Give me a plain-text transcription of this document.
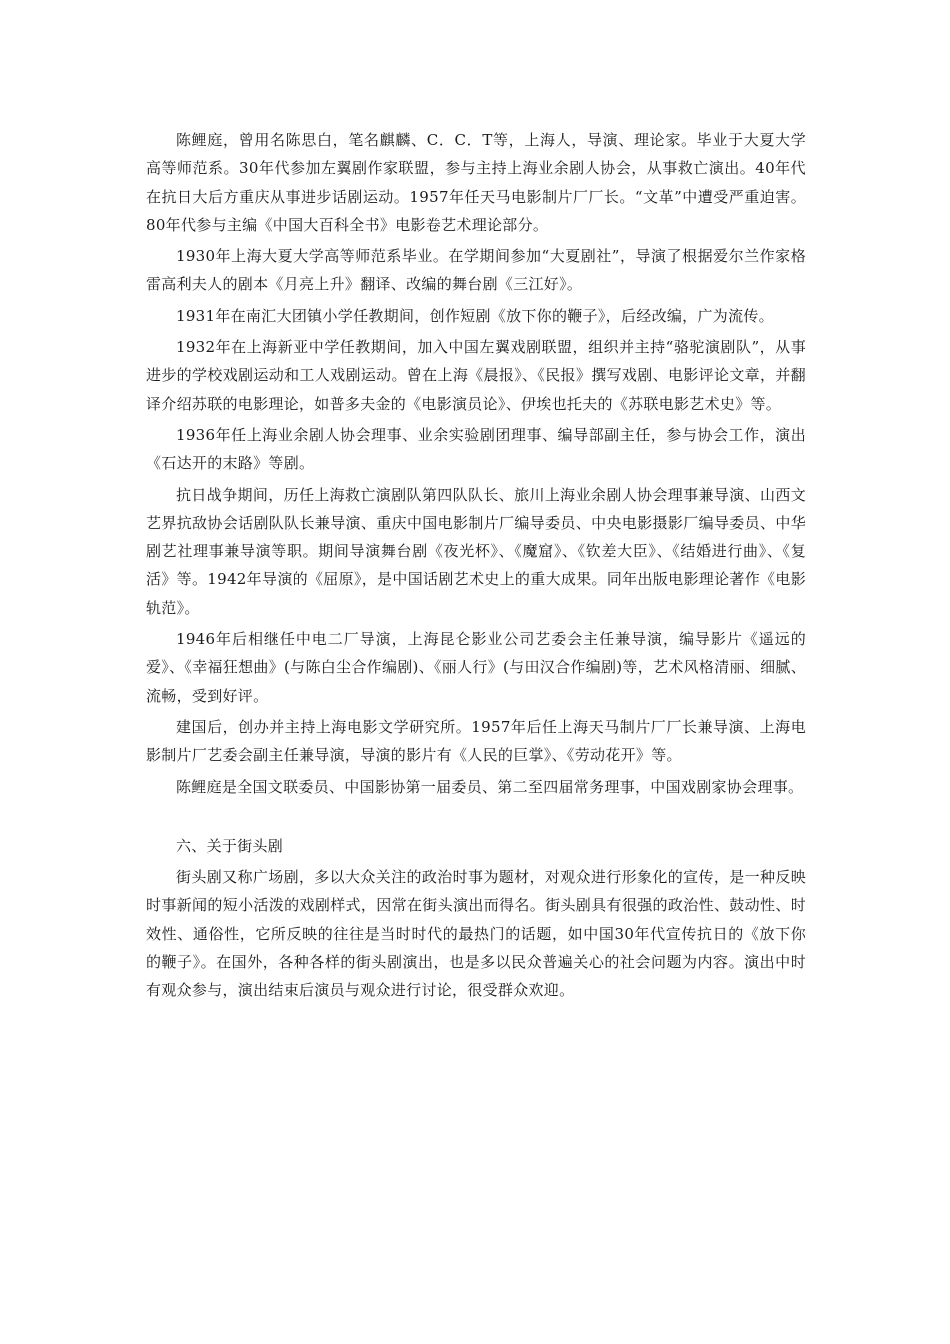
陈鲤庭，曾用名陈思白，笔名麒麟、C．C．T等，上海人，导演、理论家。毕业于大夏大学高等师范系。30年代参加左翼剧作家联盟，参与主持上海业余剧人协会，从事救亡演出。40年代在抗日大后方重庆从事进步话剧运动。1957年任天马电影制片厂厂长。“文革”中遭受严重迫害。80年代参与主编《中国大百科全书》电影卷艺术理论部分。

1930年上海大夏大学高等师范系毕业。在学期间参加“大夏剧社”，导演了根据爱尔兰作家格雷高利夫人的剧本《月亮上升》翻译、改编的舞台剧《三江好》。

1931年在南汇大团镇小学任教期间，创作短剧《放下你的鞭子》，后经改编，广为流传。

1932年在上海新亚中学任教期间，加入中国左翼戏剧联盟，组织并主持“骆驼演剧队”，从事进步的学校戏剧运动和工人戏剧运动。曾在上海《晨报》、《民报》撰写戏剧、电影评论文章，并翻译介绍苏联的电影理论，如普多夫金的《电影演员论》、伊埃也托夫的《苏联电影艺术史》等。

1936年任上海业余剧人协会理事、业余实验剧团理事、编导部副主任，参与协会工作，演出《石达开的末路》等剧。

抗日战争期间，历任上海救亡演剧队第四队队长、旅川上海业余剧人协会理事兼导演、山西文艺界抗敌协会话剧队队长兼导演、重庆中国电影制片厂编导委员、中央电影摄影厂编导委员、中华剧艺社理事兼导演等职。期间导演舞台剧《夜光杯》、《魔窟》、《钦差大臣》、《结婚进行曲》、《复活》等。1942年导演的《屈原》，是中国话剧艺术史上的重大成果。同年出版电影理论著作《电影轨范》。

1946年后相继任中电二厂导演，上海昆仑影业公司艺委会主任兼导演，编导影片《遥远的爱》、《幸福狂想曲》(与陈白尘合作编剧)、《丽人行》(与田汉合作编剧)等，艺术风格清丽、细腻、流畅，受到好评。

建国后，创办并主持上海电影文学研究所。1957年后任上海天马制片厂厂长兼导演、上海电影制片厂艺委会副主任兼导演，导演的影片有《人民的巨掌》、《劳动花开》等。

陈鲤庭是全国文联委员、中国影协第一届委员、第二至四届常务理事，中国戏剧家协会理事。

六、关于街头剧

街头剧又称广场剧，多以大众关注的政治时事为题材，对观众进行形象化的宣传，是一种反映时事新闻的短小活泼的戏剧样式，因常在街头演出而得名。街头剧具有很强的政治性、鼓动性、时效性、通俗性，它所反映的往往是当时时代的最热门的话题，如中国30年代宣传抗日的《放下你的鞭子》。在国外，各种各样的街头剧演出，也是多以民众普遍关心的社会问题为内容。演出中时有观众参与，演出结束后演员与观众进行讨论，很受群众欢迎。
